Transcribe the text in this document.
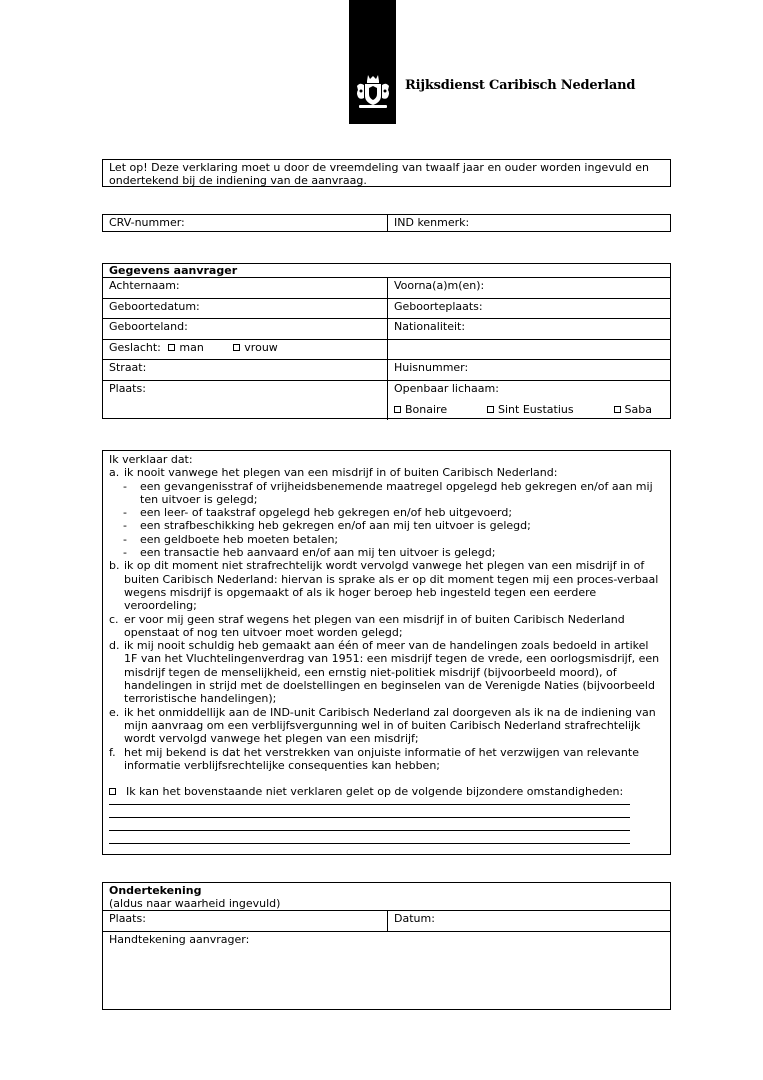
Rijksdienst Caribisch Nederland
Let op! Deze verklaring moet u door de vreemdeling van twaalf jaar en ouder worden ingevuld en ondertekend bij de indiening van de aanvraag.
CRV-nummer:	IND kenmerk:
Gegevens aanvrager
Achternaam:	Voorna(a)m(en):
Geboortedatum:	Geboorteplaats:
Geboorteland:	Nationaliteit:
Geslacht: man	vrouw
Straat:	Huisnummer:
Plaats:	Openbaar lichaam:
Bonaire	Sint Eustatius	Saba

Ik verklaar dat:

a. ik nooit vanwege het plegen van een misdrijf in of buiten Caribisch Nederland:
-	een gevangenisstraf of vrijheidsbenemende maatregel opgelegd heb gekregen en/of aan mij ten uitvoer is gelegd;
-	een leer- of taakstraf opgelegd heb gekregen en/of heb uitgevoerd;
-	een strafbeschikking heb gekregen en/of aan mij ten uitvoer is gelegd;
-	een geldboete heb moeten betalen;
-	een transactie heb aanvaard en/of aan mij ten uitvoer is gelegd;
b. ik op dit moment niet strafrechtelijk wordt vervolgd vanwege het plegen van een misdrijf in of buiten Caribisch Nederland: hiervan is sprake als er op dit moment tegen mij een proces-verbaal wegens misdrijf is opgemaakt of als ik hoger beroep heb ingesteld tegen een eerdere veroordeling;
c. er voor mij geen straf wegens het plegen van een misdrijf in of buiten Caribisch Nederland openstaat of nog ten uitvoer moet worden gelegd;
d. ik mij nooit schuldig heb gemaakt aan één of meer van de handelingen zoals bedoeld in artikel 1F van het Vluchtelingenverdrag van 1951: een misdrijf tegen de vrede, een oorlogsmisdrijf, een misdrijf tegen de menselijkheid, een ernstig niet-politiek misdrijf (bijvoorbeeld moord), of handelingen in strijd met de doelstellingen en beginselen van de Verenigde Naties (bijvoorbeeld terroristische handelingen);
e. ik het onmiddellijk aan de IND-unit Caribisch Nederland zal doorgeven als ik na de indiening van mijn aanvraag om een verblijfsvergunning wel in of buiten Caribisch Nederland strafrechtelijk wordt vervolgd vanwege het plegen van een misdrijf;
f. het mij bekend is dat het verstrekken van onjuiste informatie of het verzwijgen van relevante informatie verblijfsrechtelijke consequenties kan hebben;
Ik kan het bovenstaande niet verklaren gelet op de volgende bijzondere omstandigheden:
Ondertekening
(aldus naar waarheid ingevuld)
Plaats:	Datum:
Handtekening aanvrager:
